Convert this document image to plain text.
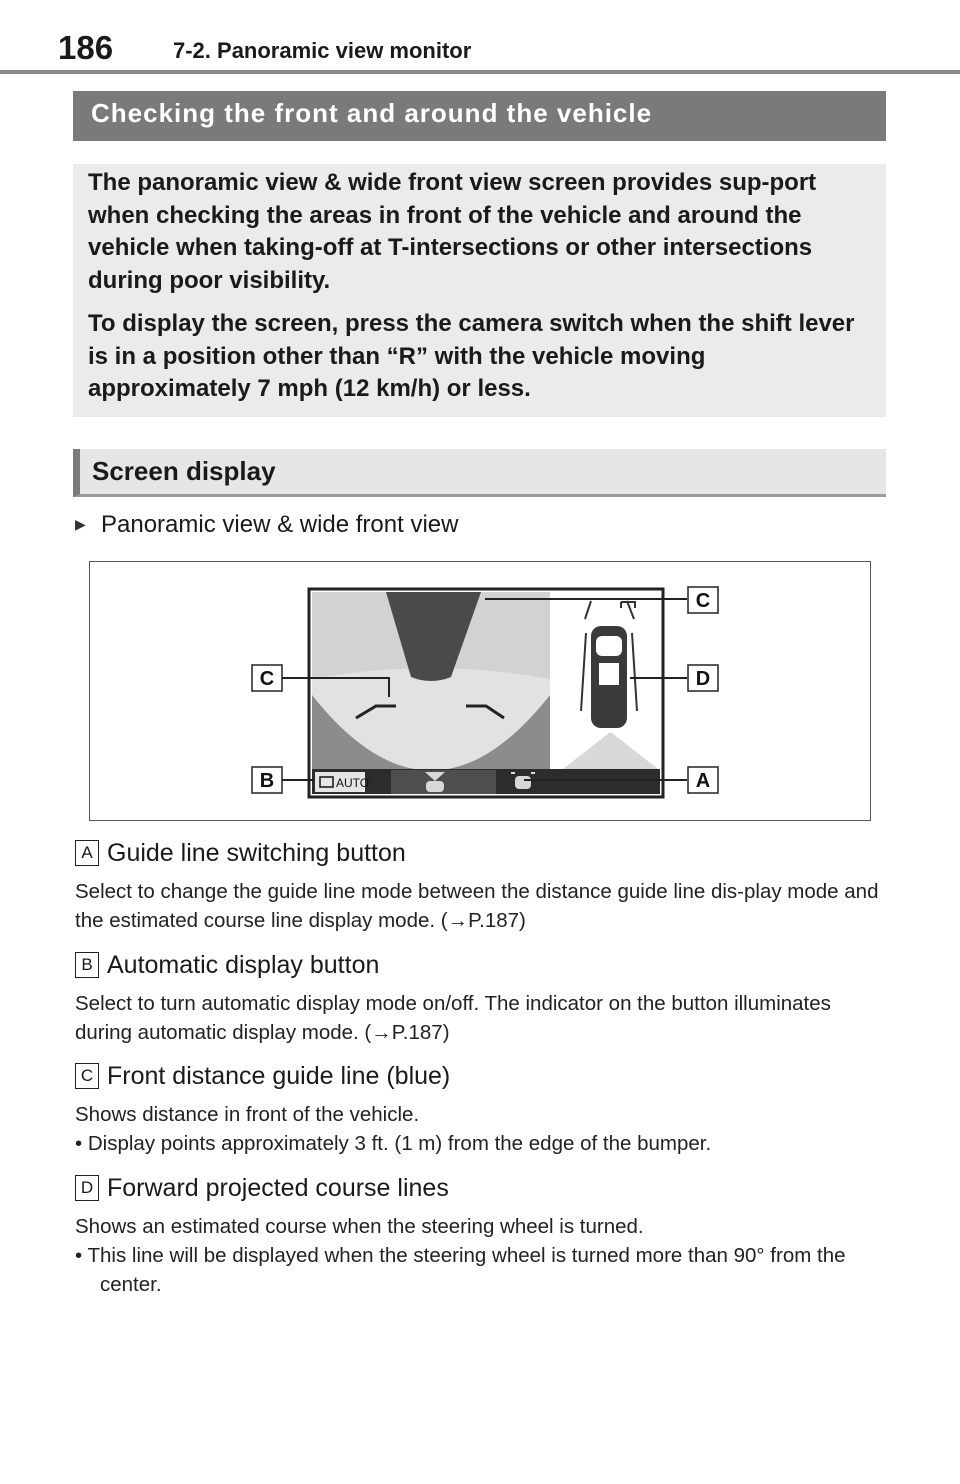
186	7-2. Panoramic view monitor
Checking the front and around the vehicle

The panoramic view & wide front view screen provides sup-port when checking the areas in front of the vehicle and around the vehicle when taking-off at T-intersections or other intersections during poor visibility.

To display the screen, press the camera switch when the shift lever is in a position other than “R” with the vehicle moving approximately 7 mph (12 km/h) or less.

Screen display
▶ Panoramic view & wide front view
AUTO
C
C	D
B	A
A Guide line switching button
Select to change the guide line mode between the distance guide line dis-play mode and the estimated course line display mode. (→P.187)
B Automatic display button
Select to turn automatic display mode on/off. The indicator on the button illuminates during automatic display mode. (→P.187)
C Front distance guide line (blue)
Shows distance in front of the vehicle.
• Display points approximately 3 ft. (1 m) from the edge of the bumper.
D Forward projected course lines
Shows an estimated course when the steering wheel is turned.
• This line will be displayed when the steering wheel is turned more than 90° from the center.
